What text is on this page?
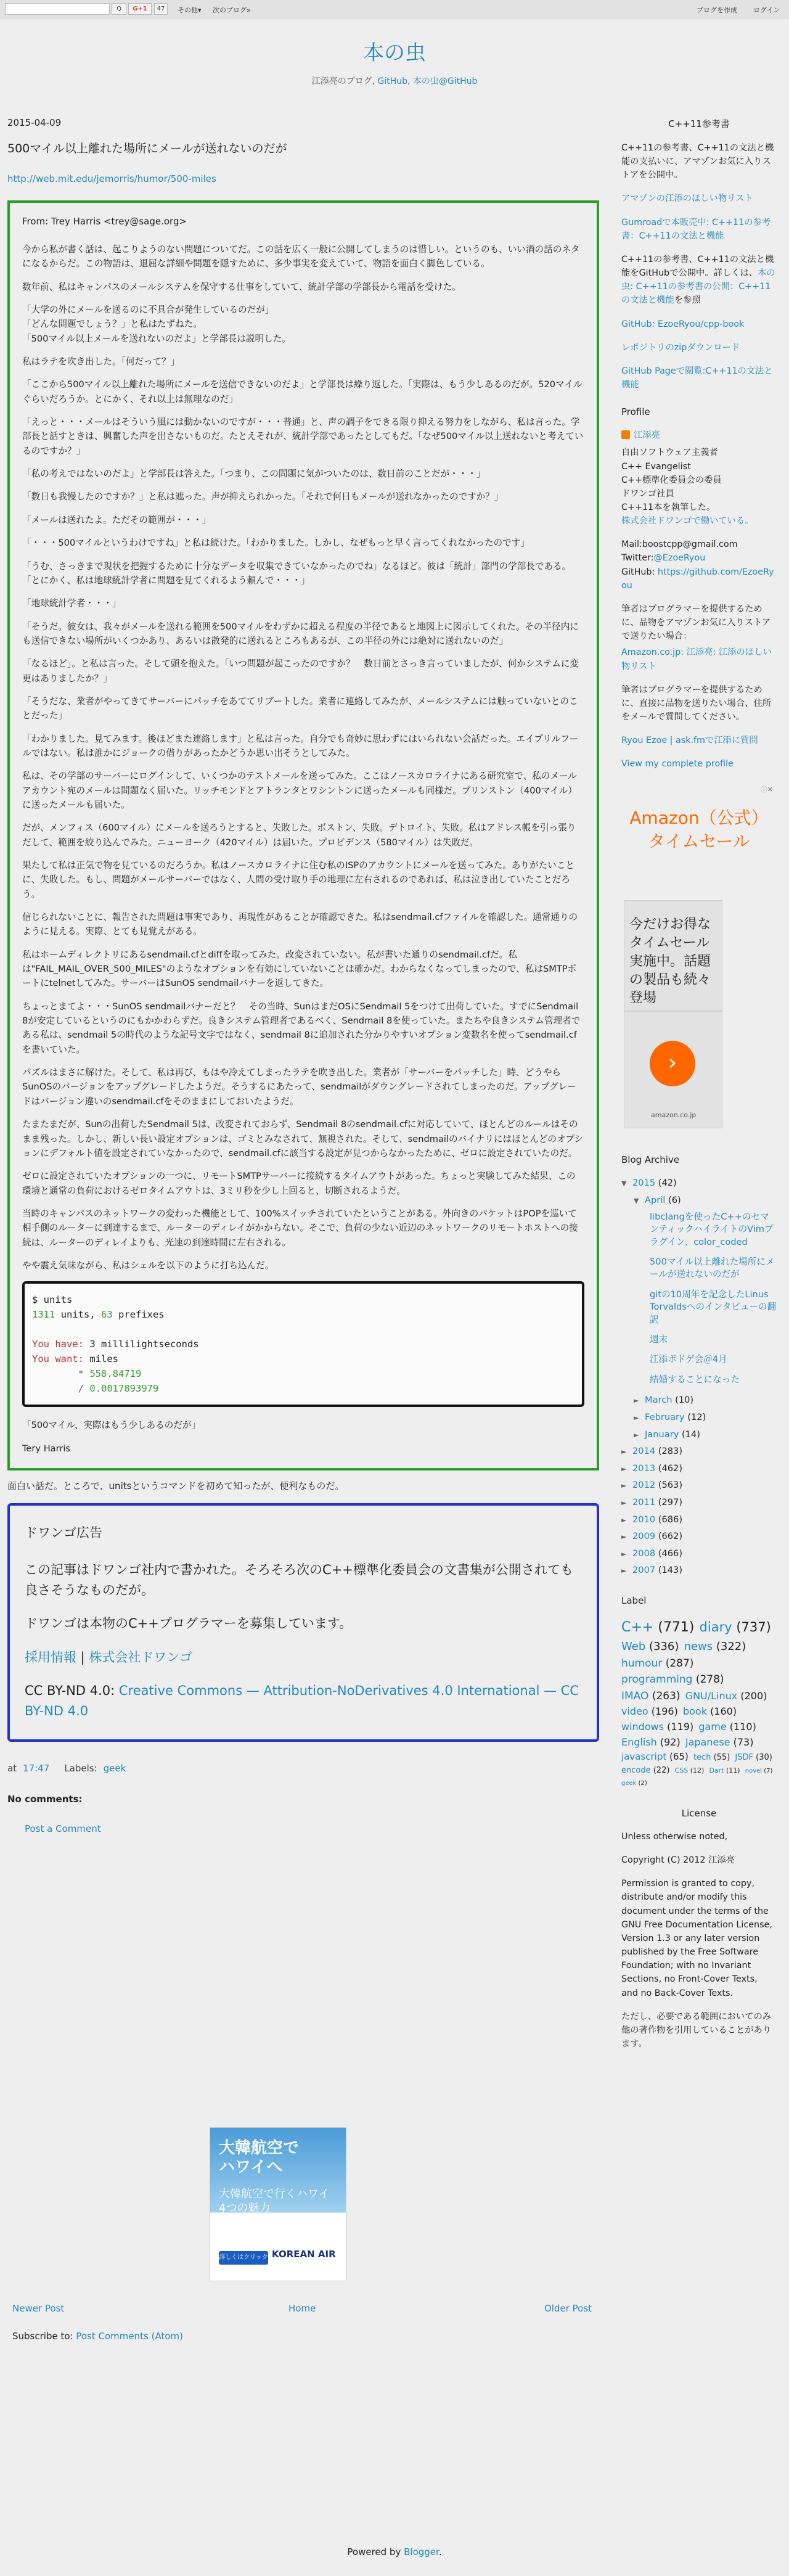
Q	G+1	47	その他▾ 次のブログ»	ブログを作成 ログイン
本の虫
江添亮のブログ, GitHub, 本の虫@GitHub
2015-04-09
500マイル以上離れた場所にメールが送れないのだが
http://web.mit.edu/jemorris/humor/500-miles

From: Trey Harris <trey@sage.org>

今から私が書く話は、起こりようのない問題についてだ。この話を広く一般に公開してしまうのは惜しい。というのも、いい酒の話のネタになるからだ。この物語は、退屈な詳細や問題を隠すために、多少事実を変えていて、物語を面白く脚色している。

数年前、私はキャンパスのメールシステムを保守する仕事をしていて、統計学部の学部長から電話を受けた。

「大学の外にメールを送るのに不具合が発生しているのだが」
「どんな問題でしょう？」と私はたずねた。
「500マイル以上メールを送れないのだよ」と学部長は説明した。

私はラテを吹き出した。「何だって？」

「ここから500マイル以上離れた場所にメールを送信できないのだよ」と学部長は繰り返した。「実際は、もう少しあるのだが。520マイルぐらいだろうか。とにかく、それ以上は無理なのだ」

「えっと・・・メールはそういう風には動かないのですが・・・普通」と、声の調子をできる限り抑える努力をしながら、私は言った。学部長と話すときは、興奮した声を出さないものだ。たとえそれが、統計学部であったとしてもだ。「なぜ500マイル以上送れないと考えているのですか？」

「私の考えではないのだよ」と学部長は答えた。「つまり、この問題に気がついたのは、数日前のことだが・・・」

「数日も我慢したのですか？」と私は遮った。声が抑えられかった。「それで何日もメールが送れなかったのですか？」

「メールは送れたよ。ただその範囲が・・・」

「・・・500マイルというわけですね」と私は続けた。「わかりました。しかし、なぜもっと早く言ってくれなかったのです」

「うむ、さっきまで現状を把握するために十分なデータを収集できていなかったのでね」なるほど。彼は「統計」部門の学部長である。「とにかく、私は地球統計学者に問題を見てくれるよう頼んで・・・」

「地球統計学者・・・」

「そうだ。彼女は、我々がメールを送れる範囲を500マイルをわずかに超える程度の半径であると地図上に図示してくれた。その半径内にも送信できない場所がいくつかあり、あるいは散発的に送れるところもあるが、この半径の外には絶対に送れないのだ」

「なるほど」。と私は言った。そして頭を抱えた。「いつ問題が起こったのですか？　数日前とさっき言っていましたが、何かシステムに変更はありましたか？」

「そうだな、業者がやってきてサーバーにパッチをあててリブートした。業者に連絡してみたが、メールシステムには触っていないとのことだった」

「わかりました。見てみます。後ほどまた連絡します」と私は言った。自分でも奇妙に思わずにはいられない会話だった。エイプリルフールではない。私は誰かにジョークの借りがあったかどうか思い出そうとしてみた。

私は、その学部のサーバーにログインして、いくつかのテストメールを送ってみた。ここはノースカロライナにある研究室で、私のメールアカウント宛のメールは問題なく届いた。リッチモンドとアトランタとワシントンに送ったメールも同様だ。プリンストン（400マイル）に送ったメールも届いた。

だが、メンフィス（600マイル）にメールを送ろうとすると、失敗した。ボストン、失敗。デトロイト、失敗。私はアドレス帳を引っ張りだして、範囲を絞り込んでみた。ニューヨーク（420マイル）は届いた。プロビデンス（580マイル）は失敗だ。

果たして私は正気で物を見ているのだろうか。私はノースカロライナに住む私のISPのアカウントにメールを送ってみた。ありがたいことに、失敗した。もし、問題がメールサーバーではなく、人間の受け取り手の地理に左右されるのであれば、私は泣き出していたことだろう。

信じられないことに、報告された問題は事実であり、再現性があることが確認できた。私はsendmail.cfファイルを確認した。通常通りのように見える。実際、とても見覚えがある。

私はホームディレクトリにあるsendmail.cfとdiffを取ってみた。改変されていない。私が書いた通りのsendmail.cfだ。私は"FAIL_MAIL_OVER_500_MILES"のようなオプションを有効にしていないことは確かだ。わからなくなってしまったので、私はSMTPポートにtelnetしてみた。サーバーはSunOS sendmailバナーを返してきた。

ちょっとまてよ・・・SunOS sendmailバナーだと？　その当時、SunはまだOSにSendmail 5をつけて出荷していた。すでにSendmail 8が安定しているというのにもかかわらずだ。良きシステム管理者であるべく、Sendmail 8を使っていた。またちや良きシステム管理者である私は、sendmail 5の時代のような記号文字ではなく、sendmail 8に追加された分かりやすいオプション変数名を使ってsendmail.cfを書いていた。

パズルはまさに解けた。そして、私は再び、もはや冷えてしまったラテを吹き出した。業者が「サーバーをパッチした」時、どうやらSunOSのバージョンをアップグレードしたようだ。そうするにあたって、sendmailがダウングレードされてしまったのだ。アップグレードはバージョン違いのsendmail.cfをそのままにしておいたようだ。

たまたまだが、Sunの出荷したSendmail 5は、改変されておらず、Sendmail 8のsendmail.cfに対応していて、ほとんどのルールはそのまま残った。しかし、新しい長い設定オプションは、ゴミとみなされて、無視された。そして、sendmailのバイナリにはほとんどのオプションにデフォルト値を設定されていなかったので、sendmail.cfに該当する設定が見つからなかったために、ゼロに設定されていたのだ。

ゼロに設定されていたオプションの一つに、リモートSMTPサーバーに接続するタイムアウトがあった。ちょっと実験してみた結果、この環境と通常の負荷におけるゼロタイムアウトは、3ミリ秒を少し上回ると、切断されるようだ。

当時のキャンパスのネットワークの変わった機能として、100%スイッチされていたということがある。外向きのパケットはPOPを巡いて相手側のルーターに到達するまで、ルーターのディレイがかからない。そこで、負荷の少ない近辺のネットワークのリモートホストへの接続は、ルーターのディレイよりも、光速の到達時間に左右される。

やや震え気味ながら、私はシェルを以下のように打ち込んだ。

$ units
1311 units, 63 prefixes

You have: 3 millilightseconds
You want: miles
* 558.84719
/ 0.0017893979

「500マイル、実際はもう少しあるのだが」

Tery Harris

面白い話だ。ところで、unitsというコマンドを初めて知ったが、便利なものだ。

ドワンゴ広告

この記事はドワンゴ社内で書かれた。そろそろ次のC++標準化委員会の文書集が公開されても良さそうなものだが。

ドワンゴは本物のC++プログラマーを募集しています。

採用情報 | 株式会社ドワンゴ

CC BY-ND 4.0: Creative Commons — Attribution-NoDerivatives 4.0 International — CC BY-ND 4.0

at 17:47 Labels: geek
No comments:
Post a Comment
大韓航空で
ハワイへ
大韓航空で行くハワイ
4つの魅力
詳しくはクリック KOREAN AIR
Newer Post	Home	Older Post
Subscribe to: Post Comments (Atom)
C++11参考書

C++11の参考書、C++11の文法と機能の支払いに、アマゾンお気に入りストアを公開中。

アマゾンの江添のほしい物リスト

Gumroadで本販売中: C++11の参考書：C++11の文法と機能

C++11の参考書、C++11の文法と機能をGitHubで公開中。詳しくは、本の虫: C++11の参考書の公開：C++11の文法と機能を参照

GitHub: EzoeRyou/cpp-book

レポジトリのzipダウンロード

GitHub Pageで閲覧:C++11の文法と機能

Profile

江添亮

自由ソフトウェア主義者
C++ Evangelist
C++標準化委員会の委員
ドワンゴ社員
C++11本を執筆した。

株式会社ドワンゴで働いている。

Mail:boostcpp@gmail.com
Twitter:@EzoeRyou
GitHub: https://github.com/EzoeRyou

筆者はプログラマーを提供するために、品物をアマゾンお気に入りストアで送りたい場合：

Amazon.co.jp: 江添亮: 江添のほしい物リスト

筆者はプログラマーを提供するために、直接に品物を送りたい場合、住所をメールで質問してください。

Ryou Ezoe | ask.fmで江添に質問

View my complete profile

ⓘ✕
Amazon（公式）タイムセール
今だけお得なタイムセール実施中。話題の製品も続々登場
›
amazon.co.jp
Blog Archive
▼ 2015 (42)
▼ April (6)
libclangを使ったC++のセマンティックハイライトのVimプラグイン、color_coded
500マイル以上離れた場所にメールが送れないのだが
gitの10周年を記念したLinus Torvaldsへのインタビューの翻訳
週末
江添ボドゲ会＠4月
結婚することになった
► March (10)
► February (12)
► January (14)
► 2014 (283)
► 2013 (462)
► 2012 (563)
► 2011 (297)
► 2010 (686)
► 2009 (662)
► 2008 (466)
► 2007 (143)
Label
C++ (771) diary (737) Web (336) news (322) humour (287) programming (278) IMAO (263) GNU/Linux (200) video (196) book (160) windows (119) game (110) English (92) Japanese (73) javascript (65) tech (55) JSDF (30) encode (22) CSS (12) Dart (11) novel (7) geek (2)
License

Unless otherwise noted,

Copyright (C) 2012 江添亮

Permission is granted to copy, distribute and/or modify this document under the terms of the GNU Free Documentation License, Version 1.3 or any later version published by the Free Software Foundation; with no Invariant Sections, no Front-Cover Texts, and no Back-Cover Texts.

ただし、必要である範囲においてのみ他の著作物を引用していることがあります。

Powered by Blogger.
